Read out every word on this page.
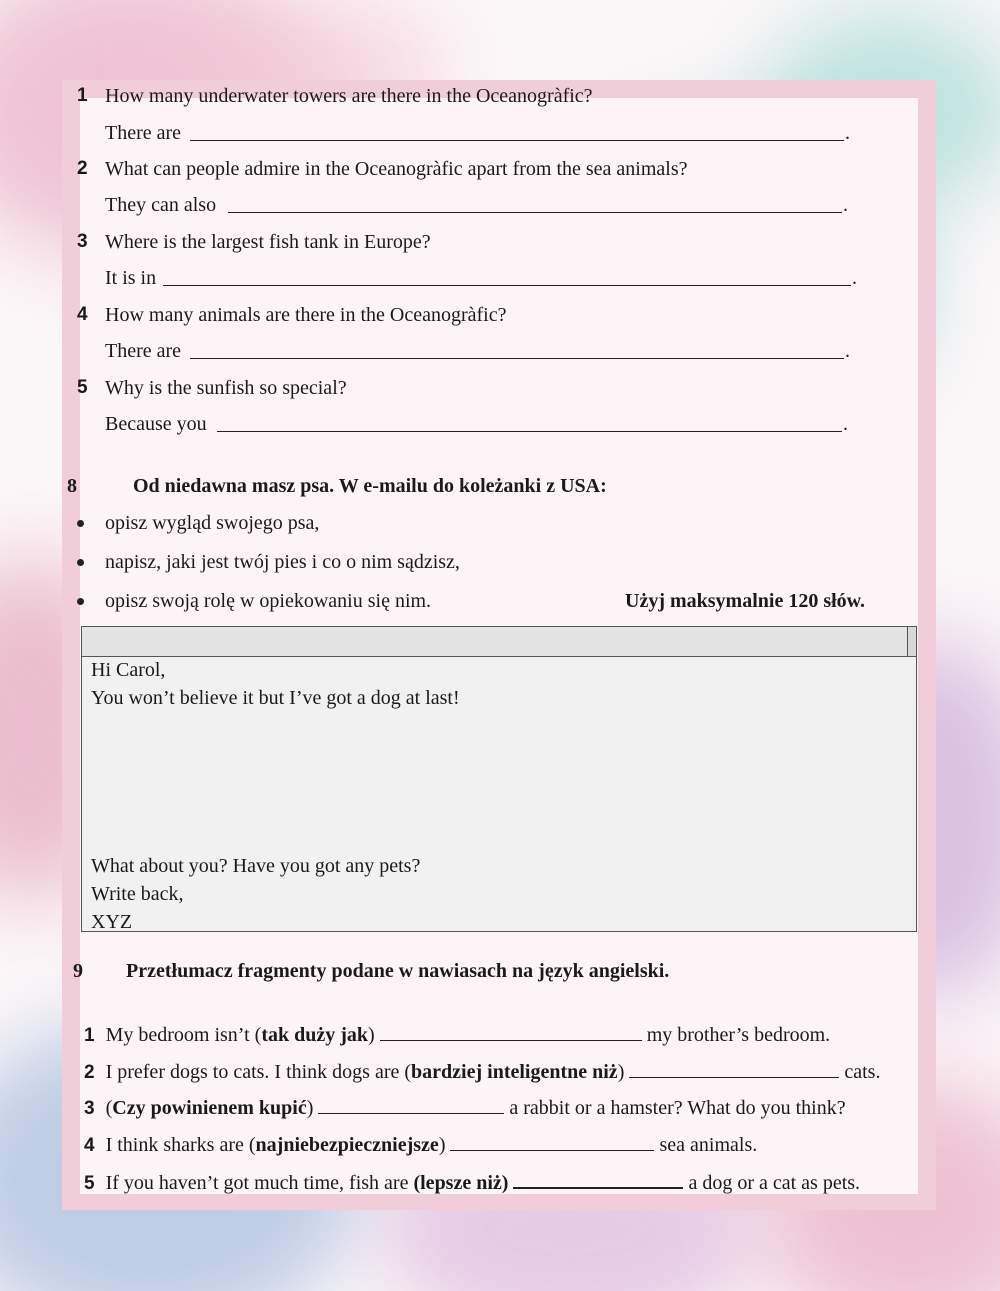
1 How many underwater towers are there in the Oceanogràfic?
There are	.
2 What can people admire in the Oceanogràfic apart from the sea animals?
They can also	.
3 Where is the largest fish tank in Europe?
It is in	.
4 How many animals are there in the Oceanogràfic?
There are	.
5 Why is the sunfish so special?
Because you	.
8	Od niedawna masz psa. W e-mailu do koleżanki z USA:
opisz wygląd swojego psa,
napisz, jaki jest twój pies i co o nim sądzisz,
opisz swoją rolę w opiekowaniu się nim.	Użyj maksymalnie 120 słów.
Hi Carol,
You won’t believe it but I’ve got a dog at last!
What about you? Have you got any pets?
Write back,
XYZ
9 Przetłumacz fragmenty podane w nawiasach na język angielski.
1 My bedroom isn’t (tak duży jak)	my brother’s bedroom.
2 I prefer dogs to cats. I think dogs are (bardziej inteligentne niż)	cats.
3 (Czy powinienem kupić)	a rabbit or a hamster? What do you think?
4 I think sharks are (najniebezpieczniejsze)	sea animals.
5 If you haven’t got much time, fish are (lepsze niż)	a dog or a cat as pets.
